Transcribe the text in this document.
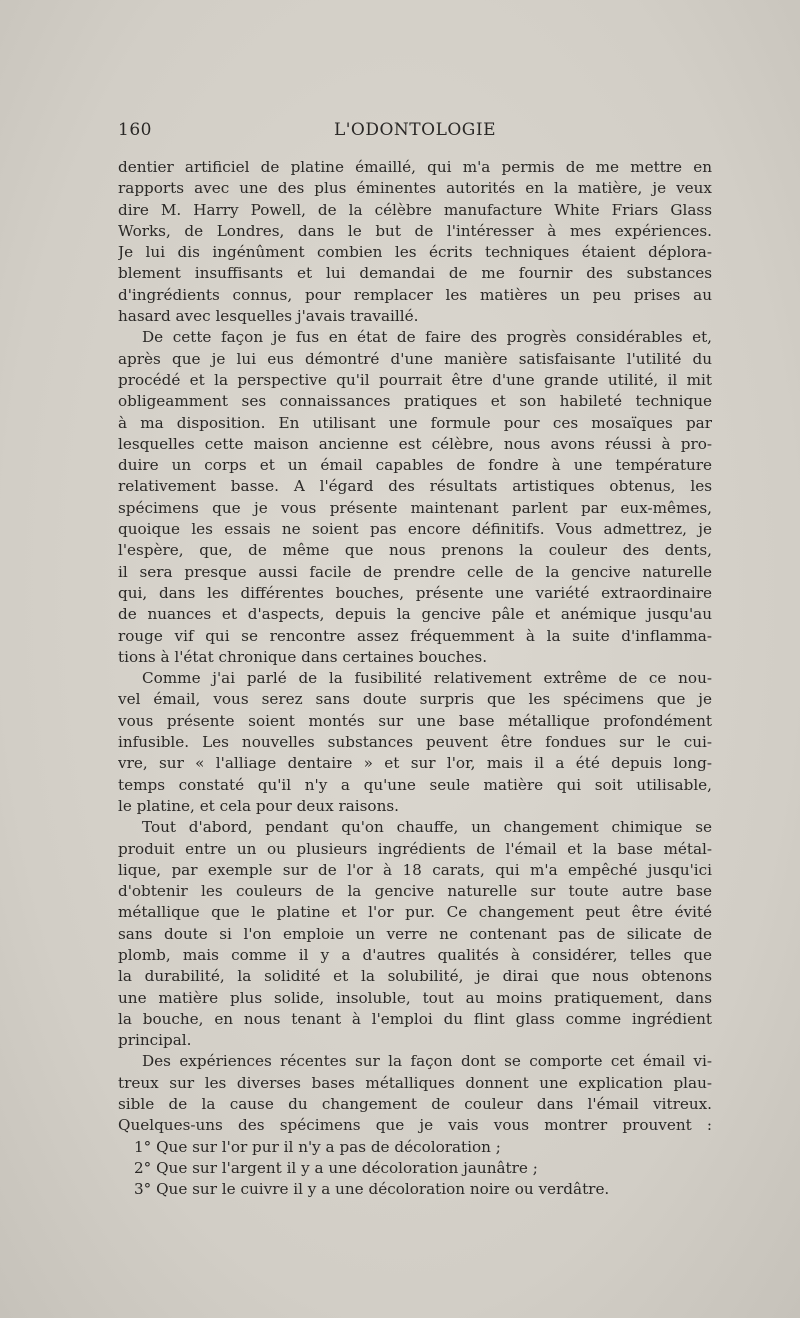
160	L'ODONTOLOGIE
dentier artificiel de platine émaillé, qui m'a permis de me mettre en
rapports avec une des plus éminentes autorités en la matière, je veux
dire M. Harry Powell, de la célèbre manufacture White Friars Glass
Works, de Londres, dans le but de l'intéresser à mes expériences.
Je lui dis ingénûment combien les écrits techniques étaient déplora-
blement insuffisants et lui demandai de me fournir des substances
d'ingrédients connus, pour remplacer les matières un peu prises au
hasard avec lesquelles j'avais travaillé.
De cette façon je fus en état de faire des progrès considérables et,
après que je lui eus démontré d'une manière satisfaisante l'utilité du
procédé et la perspective qu'il pourrait être d'une grande utilité, il mit
obligeamment ses connaissances pratiques et son habileté technique
à ma disposition. En utilisant une formule pour ces mosaïques par
lesquelles cette maison ancienne est célèbre, nous avons réussi à pro-
duire un corps et un émail capables de fondre à une température
relativement basse. A l'égard des résultats artistiques obtenus, les
spécimens que je vous présente maintenant parlent par eux-mêmes,
quoique les essais ne soient pas encore définitifs. Vous admettrez, je
l'espère, que, de même que nous prenons la couleur des dents,
il sera presque aussi facile de prendre celle de la gencive naturelle
qui, dans les différentes bouches, présente une variété extraordinaire
de nuances et d'aspects, depuis la gencive pâle et anémique jusqu'au
rouge vif qui se rencontre assez fréquemment à la suite d'inflamma-
tions à l'état chronique dans certaines bouches.
Comme j'ai parlé de la fusibilité relativement extrême de ce nou-
vel émail, vous serez sans doute surpris que les spécimens que je
vous présente soient montés sur une base métallique profondément
infusible. Les nouvelles substances peuvent être fondues sur le cui-
vre, sur « l'alliage dentaire » et sur l'or, mais il a été depuis long-
temps constaté qu'il n'y a qu'une seule matière qui soit utilisable,
le platine, et cela pour deux raisons.
Tout d'abord, pendant qu'on chauffe, un changement chimique se
produit entre un ou plusieurs ingrédients de l'émail et la base métal-
lique, par exemple sur de l'or à 18 carats, qui m'a empêché jusqu'ici
d'obtenir les couleurs de la gencive naturelle sur toute autre base
métallique que le platine et l'or pur. Ce changement peut être évité
sans doute si l'on emploie un verre ne contenant pas de silicate de
plomb, mais comme il y a d'autres qualités à considérer, telles que
la durabilité, la solidité et la solubilité, je dirai que nous obtenons
une matière plus solide, insoluble, tout au moins pratiquement, dans
la bouche, en nous tenant à l'emploi du flint glass comme ingrédient
principal.
Des expériences récentes sur la façon dont se comporte cet émail vi-
treux sur les diverses bases métalliques donnent une explication plau-
sible de la cause du changement de couleur dans l'émail vitreux.
Quelques-uns des spécimens que je vais vous montrer prouvent :
1° Que sur l'or pur il n'y a pas de décoloration ;
2° Que sur l'argent il y a une décoloration jaunâtre ;
3° Que sur le cuivre il y a une décoloration noire ou verdâtre.
